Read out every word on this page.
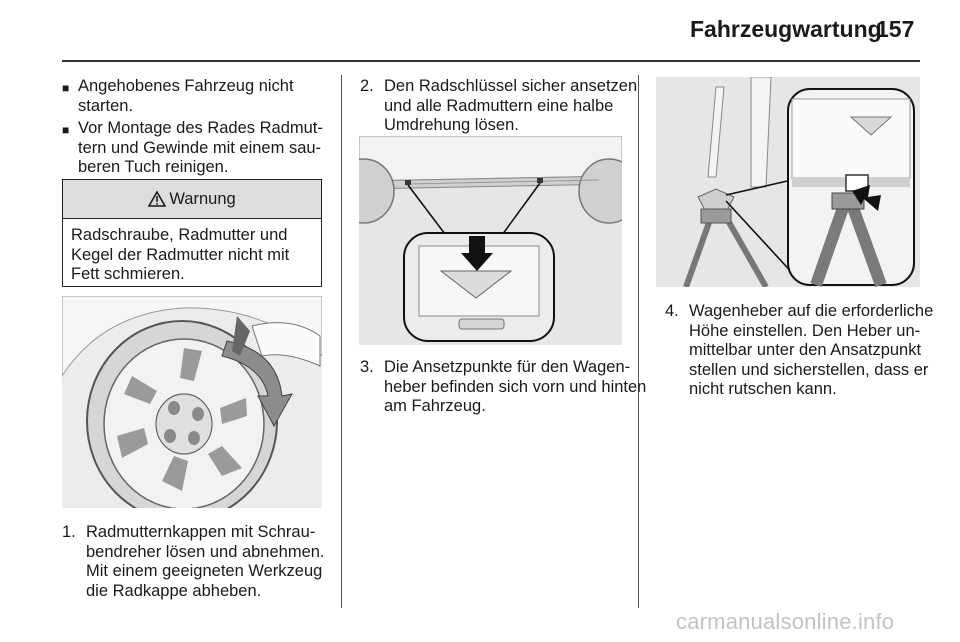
Fahrzeugwartung
157
■ Angehobenes Fahrzeug nicht starten.

■ Vor Montage des Rades Radmuttern und Gewinde mit einem sauberen Tuch reinigen.

Warnung
Radschraube, Radmutter und Kegel der Radmutter nicht mit Fett schmieren.

1. Radmutternkappen mit Schraubendreher lösen und abnehmen. Mit einem geeigneten Werkzeug die Radkappe abheben.

2. Den Radschlüssel sicher ansetzen und alle Radmuttern eine halbe Umdrehung lösen.

3. Die Ansetzpunkte für den Wagenheber befinden sich vorn und hinten am Fahrzeug.

4. Wagenheber auf die erforderliche Höhe einstellen. Den Heber unmittelbar unter den Ansatzpunkt stellen und sicherstellen, dass er nicht rutschen kann.

carmanualsonline.info
